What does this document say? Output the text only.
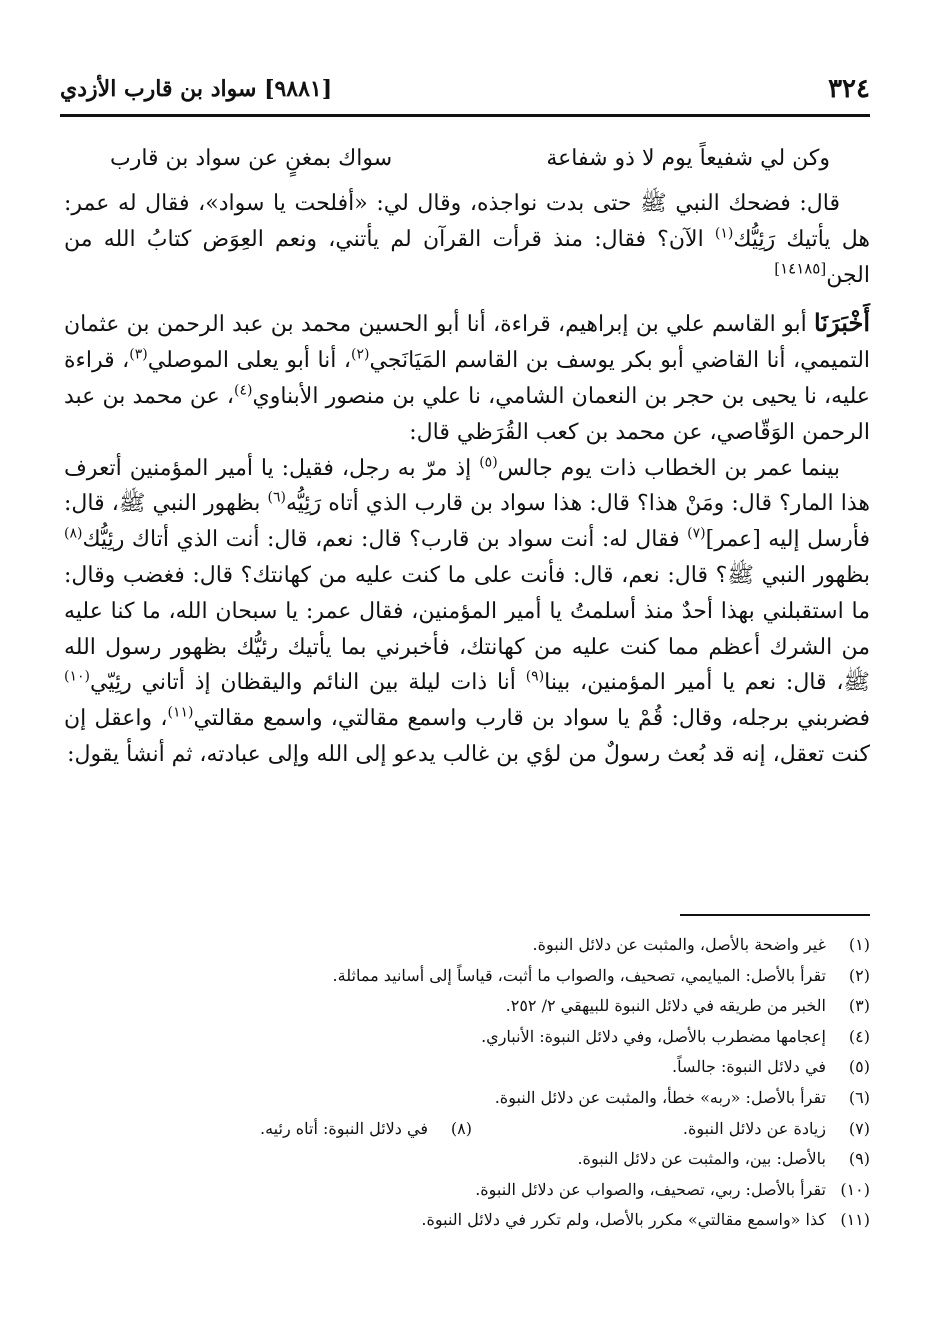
٣٢٤
[٩٨٨١] سواد بن قارب الأزدي
وكن لي شفيعاً يوم لا ذو شفاعة
سواك بمغنٍ عن سواد بن قارب

قال: فضحك النبي ﷺ حتى بدت نواجذه، وقال لي: «أفلحت يا سواد»، فقال له عمر: هل يأتيك رَئِيُّك$^{(١)}$ الآن؟ فقال: منذ قرأت القرآن لم يأتني، ونعم العِوَض كتابُ الله من الجن[١٤١٨٥]

أَخْبَرَنَا أبو القاسم علي بن إبراهيم، قراءة، أنا أبو الحسين محمد بن عبد الرحمن بن عثمان التميمي، أنا القاضي أبو بكر يوسف بن القاسم المَيَانَجي$^{(٢)}$، أنا أبو يعلى الموصلي$^{(٣)}$، قراءة عليه، نا يحيى بن حجر بن النعمان الشامي، نا علي بن منصور الأبناوي$^{(٤)}$، عن محمد بن عبد الرحمن الوَقّاصي، عن محمد بن كعب القُرَظي قال:

بينما عمر بن الخطاب ذات يوم جالس$^{(٥)}$ إذ مرّ به رجل، فقيل: يا أمير المؤمنين أتعرف هذا المار؟ قال: ومَنْ هذا؟ قال: هذا سواد بن قارب الذي أتاه رَئِيُّه$^{(٦)}$ بظهور النبي ﷺ، قال: فأرسل إليه [عمر]$^{(٧)}$ فقال له: أنت سواد بن قارب؟ قال: نعم، قال: أنت الذي أتاك رئِيُّك$^{(٨)}$ بظهور النبي ﷺ؟ قال: نعم، قال: فأنت على ما كنت عليه من كهانتك؟ قال: فغضب وقال: ما استقبلني بهذا أحدٌ منذ أسلمتُ يا أمير المؤمنين، فقال عمر: يا سبحان الله، ما كنا عليه من الشرك أعظم مما كنت عليه من كهانتك، فأخبرني بما يأتيك رئيُّك بظهور رسول الله ﷺ، قال: نعم يا أمير المؤمنين، بينا$^{(٩)}$ أنا ذات ليلة بين النائم واليقظان إذ أتاني رئِيّي$^{(١٠)}$ فضربني برجله، وقال: قُمْ يا سواد بن قارب واسمع مقالتي، واسمع مقالتي$^{(١١)}$، واعقل إن كنت تعقل، إنه قد بُعث رسولٌ من لؤي بن غالب يدعو إلى الله وإلى عبادته، ثم أنشأ يقول:

(١)غير واضحة بالأصل، والمثبت عن دلائل النبوة.
(٢)تقرأ بالأصل: الميايمي، تصحيف، والصواب ما أثبت، قياساً إلى أسانيد مماثلة.
(٣)الخبر من طريقه في دلائل النبوة للبيهقي ٢/ ٢٥٢.
(٤)إعجامها مضطرب بالأصل، وفي دلائل النبوة: الأنباري.
(٥)في دلائل النبوة: جالساً.
(٦)تقرأ بالأصل: «ربه» خطأ، والمثبت عن دلائل النبوة.
(٧)زيادة عن دلائل النبوة.
(٨)في دلائل النبوة: أتاه رئيه.
(٩)بالأصل: بين، والمثبت عن دلائل النبوة.
(١٠)تقرأ بالأصل: ربي، تصحيف، والصواب عن دلائل النبوة.
(١١)كذا «واسمع مقالتي» مكرر بالأصل، ولم تكرر في دلائل النبوة.
